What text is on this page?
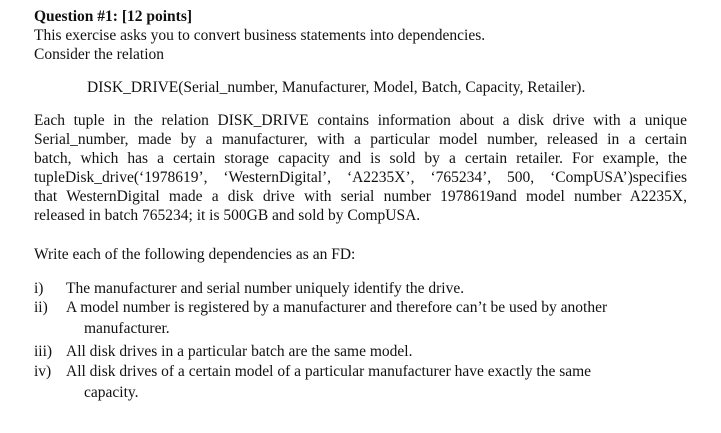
Question #1: [12 points]
This exercise asks you to convert business statements into dependencies.
Consider the relation
DISK_DRIVE(Serial_number, Manufacturer, Model, Batch, Capacity, Retailer).
Each tuple in the relation DISK_DRIVE contains information about a disk drive with a unique
Serial_number, made by a manufacturer, with a particular model number, released in a certain
batch, which has a certain storage capacity and is sold by a certain retailer. For example, the
tupleDisk_drive(‘1978619’, ‘WesternDigital’, ‘A2235X’, ‘765234’, 500, ‘CompUSA’)specifies
that WesternDigital made a disk drive with serial number 1978619and model number A2235X,
released in batch 765234; it is 500GB and sold by CompUSA.
Write each of the following dependencies as an FD:
i) The manufacturer and serial number uniquely identify the drive.
ii) A model number is registered by a manufacturer and therefore can’t be used by another
manufacturer.
iii) All disk drives in a particular batch are the same model.
iv) All disk drives of a certain model of a particular manufacturer have exactly the same
capacity.
